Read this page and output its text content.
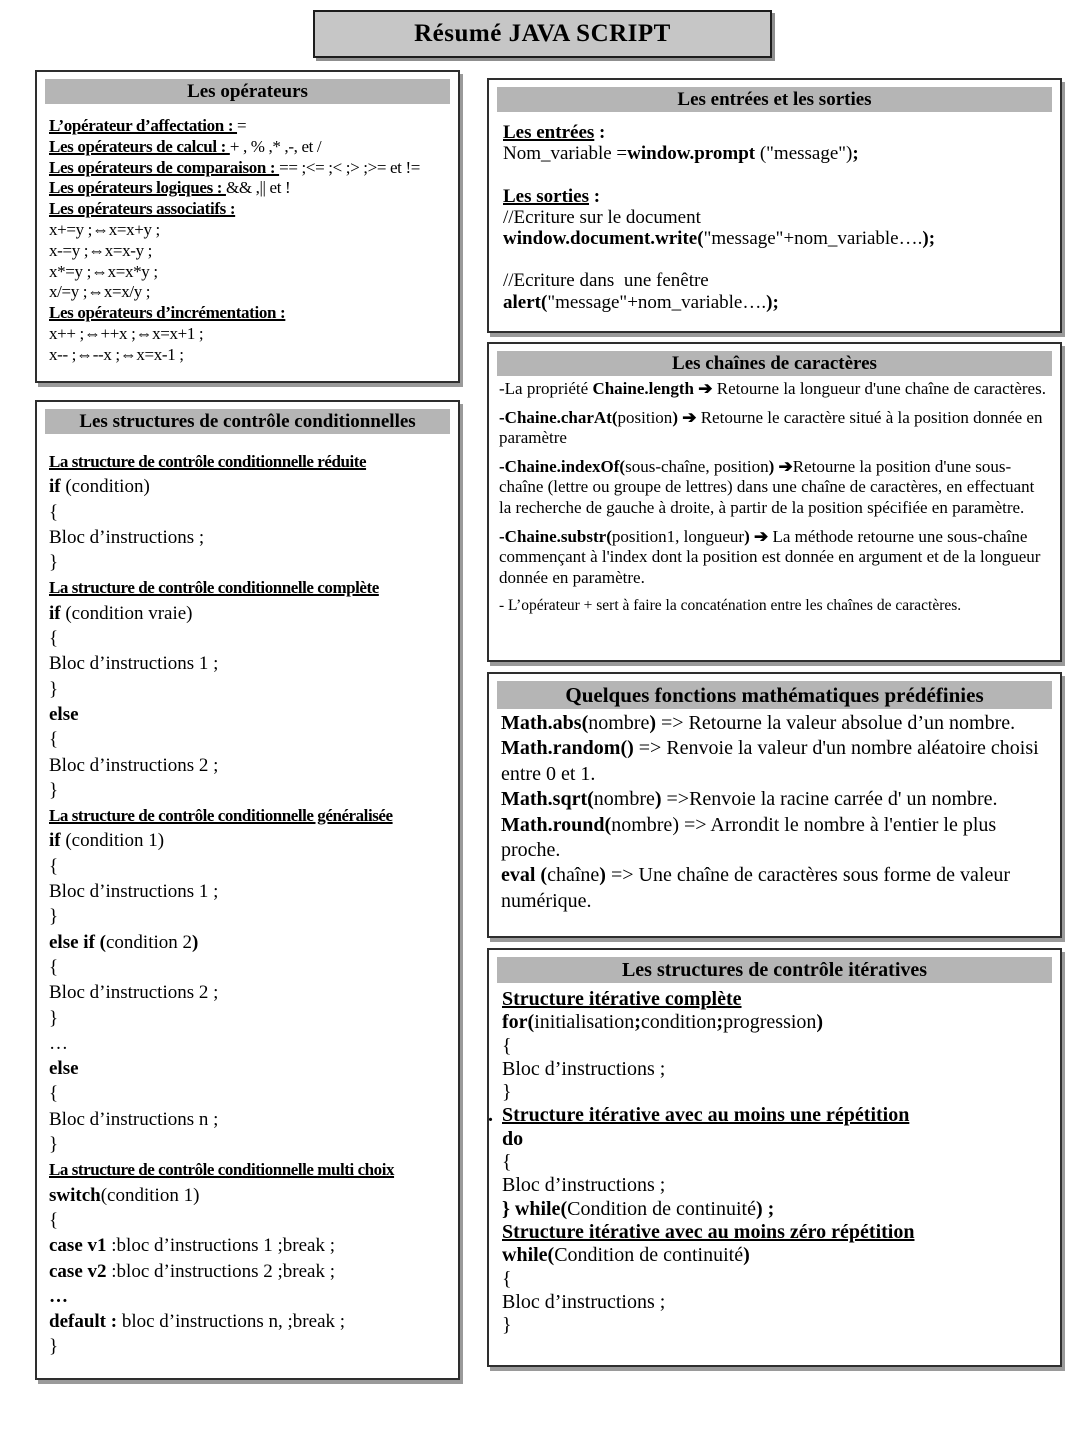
Résumé JAVA SCRIPT
Les opérateurs
L’opérateur d’affectation : =
Les opérateurs de calcul : + , % ,* ,-, et /
Les opérateurs de comparaison : == ;<= ;< ;> ;>= et !=
Les opérateurs logiques : && ,|| et !
Les opérateurs associatifs :
x+=y ;⇔x=x+y ;
x-=y ;⇔x=x-y ;
x*=y ;⇔x=x*y ;
x/=y ;⇔x=x/y ;
Les opérateurs d’incrémentation :
x++ ;⇔++x ;⇔x=x+1 ;
x-- ;⇔--x ;⇔x=x-1 ;
Les structures de contrôle conditionnelles
La structure de contrôle conditionnelle réduite
if (condition)
{
Bloc d’instructions ;
}
La structure de contrôle conditionnelle complète
if (condition vraie)
{
Bloc d’instructions 1 ;
}
else
{
Bloc d’instructions 2 ;
}
La structure de contrôle conditionnelle généralisée
if (condition 1)
{
Bloc d’instructions 1 ;
}
else if (condition 2)
{
Bloc d’instructions 2 ;
}
…
else
{
Bloc d’instructions n ;
}
La structure de contrôle conditionnelle multi choix
switch(condition 1)
{
case v1 :bloc d’instructions 1 ;break ;
case v2 :bloc d’instructions 2 ;break ;
…
default : bloc d’instructions n, ;break ;
}
Les entrées et les sorties
Les entrées :
Nom_variable =window.prompt ("message");

Les sorties :
//Ecriture sur le document
window.document.write("message"+nom_variable….);

//Ecriture dans  une fenêtre
alert("message"+nom_variable….);
Les chaînes de caractères
-La propriété Chaine.length ➔ Retourne la longueur d'une chaîne de caractères.
-Chaine.charAt(position) ➔ Retourne le caractère situé à la position donnée en paramètre
-Chaine.indexOf(sous-chaîne, position) ➔Retourne la position d'une sous-chaîne (lettre ou groupe de lettres) dans une chaîne de caractères, en effectuant la recherche de gauche à droite, à partir de la position spécifiée en paramètre.
-Chaine.substr(position1, longueur) ➔ La méthode retourne une sous-chaîne commençant à l'index dont la position est donnée en argument et de la longueur donnée en paramètre.
- L’opérateur + sert à faire la concaténation entre les chaînes de caractères.
Quelques fonctions mathématiques prédéfinies
Math.abs(nombre) => Retourne la valeur absolue d’un nombre.
Math.random() => Renvoie la valeur d'un nombre aléatoire choisi entre 0 et 1.
Math.sqrt(nombre) =>Renvoie la racine carrée d' un nombre.
Math.round(nombre) => Arrondit le nombre à l'entier le plus proche.
eval (chaîne) => Une chaîne de caractères sous forme de valeur numérique.
Les structures de contrôle itératives
Structure itérative complète
for(initialisation;condition;progression)
{
Bloc d’instructions ;
}
. Structure itérative avec au moins une répétition
do
{
Bloc d’instructions ;
} while(Condition de continuité) ;
Structure itérative avec au moins zéro répétition
while(Condition de continuité)
{
Bloc d’instructions ;
}
